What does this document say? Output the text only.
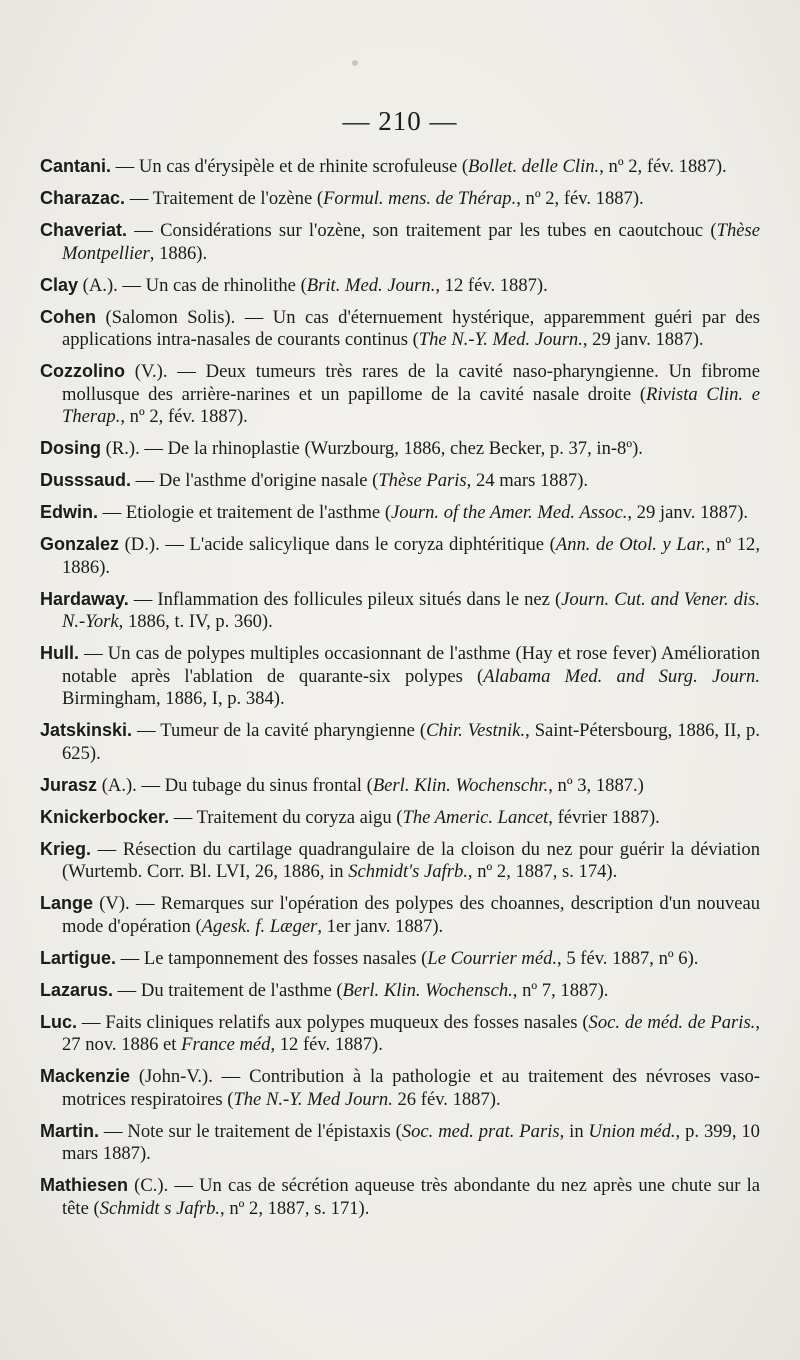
— 210 —
Cantani. — Un cas d'érysipèle et de rhinite scrofuleuse (Bollet. delle Clin., nº 2, fév. 1887).
Charazac. — Traitement de l'ozène (Formul. mens. de Thérap., nº 2, fév. 1887).
Chaveriat. — Considérations sur l'ozène, son traitement par les tubes en caoutchouc (Thèse Montpellier, 1886).
Clay (A.). — Un cas de rhinolithe (Brit. Med. Journ., 12 fév. 1887).
Cohen (Salomon Solis). — Un cas d'éternuement hystérique, apparemment guéri par des applications intra-nasales de courants continus (The N.-Y. Med. Journ., 29 janv. 1887).
Cozzolino (V.). — Deux tumeurs très rares de la cavité naso-pharyngienne. Un fibrome mollusque des arrière-narines et un papillome de la cavité nasale droite (Rivista Clin. e Therap., nº 2, fév. 1887).
Dosing (R.). — De la rhinoplastie (Wurzbourg, 1886, chez Becker, p. 37, in-8º).
Dusssaud. — De l'asthme d'origine nasale (Thèse Paris, 24 mars 1887).
Edwin. — Etiologie et traitement de l'asthme (Journ. of the Amer. Med. Assoc., 29 janv. 1887).
Gonzalez (D.). — L'acide salicylique dans le coryza diphtéritique (Ann. de Otol. y Lar., nº 12, 1886).
Hardaway. — Inflammation des follicules pileux situés dans le nez (Journ. Cut. and Vener. dis. N.-York, 1886, t. IV, p. 360).
Hull. — Un cas de polypes multiples occasionnant de l'asthme (Hay et rose fever) Amélioration notable après l'ablation de quarante-six polypes (Alabama Med. and Surg. Journ. Birmingham, 1886, I, p. 384).
Jatskinski. — Tumeur de la cavité pharyngienne (Chir. Vestnik., Saint-Pétersbourg, 1886, II, p. 625).
Jurasz (A.). — Du tubage du sinus frontal (Berl. Klin. Wochenschr., nº 3, 1887.)
Knickerbocker. — Traitement du coryza aigu (The Americ. Lancet, février 1887).
Krieg. — Résection du cartilage quadrangulaire de la cloison du nez pour guérir la déviation (Wurtemb. Corr. Bl. LVI, 26, 1886, in Schmidt's Jafrb., nº 2, 1887, s. 174).
Lange (V). — Remarques sur l'opération des polypes des choannes, description d'un nouveau mode d'opération (Agesk. f. Læger, 1er janv. 1887).
Lartigue. — Le tamponnement des fosses nasales (Le Courrier méd., 5 fév. 1887, nº 6).
Lazarus. — Du traitement de l'asthme (Berl. Klin. Wochensch., nº 7, 1887).
Luc. — Faits cliniques relatifs aux polypes muqueux des fosses nasales (Soc. de méd. de Paris., 27 nov. 1886 et France méd, 12 fév. 1887).
Mackenzie (John-V.). — Contribution à la pathologie et au traitement des névroses vaso-motrices respiratoires (The N.-Y. Med Journ. 26 fév. 1887).
Martin. — Note sur le traitement de l'épistaxis (Soc. med. prat. Paris, in Union méd., p. 399, 10 mars 1887).
Mathiesen (C.). — Un cas de sécrétion aqueuse très abondante du nez après une chute sur la tête (Schmidt s Jafrb., nº 2, 1887, s. 171).
